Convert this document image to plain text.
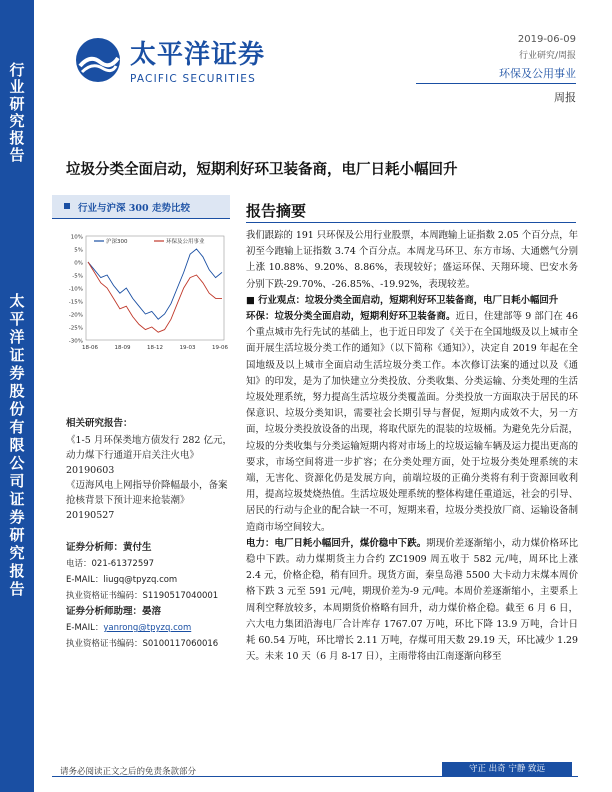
行业研究报告
太平洋证券股份有限公司证券研究报告
太平洋证券
PACIFIC SECURITIES
2019-06-09
行业研究/周报
环保及公用事业
周报
垃圾分类全面启动，短期利好环卫装备商，电厂日耗小幅回升
行业与沪深 300 走势比较
10%
5%
0%
-5%
-10%
-15%
-20%
-25%
-30%
18-06	18-09	18-12	19-03	19-06
沪深300	环保及公用事业
相关研究报告：
《1-5 月环保类地方债发行 282 亿元，动力煤下行通道开启关注火电》
20190603
《迈海风电上网指导价降幅最小，备案抢核背景下预计迎来抢装潮》
20190527
证券分析师：黄付生
电话：021-61372597
E-MAIL：liugq@tpyzq.com
执业资格证书编码：S1190517040001
证券分析师助理：晏溶
E-MAIL：yanrong@tpyzq.com
执业资格证书编码：S0100117060016
报告摘要

我们跟踪的 191 只环保及公用行业股票，本周跑输上证指数 2.05 个百分点，年初至今跑输上证指数 3.74 个百分点。本周龙马环卫、东方市场、大通燃气分别上涨 10.88%、9.20%、8.86%，表现较好；盛运环保、天翔环境、巴安水务分别下跌-29.70%、-26.85%、-19.92%，表现较差。

■ 行业观点：垃圾分类全面启动，短期利好环卫装备商，电厂日耗小幅回升

环保：垃圾分类全面启动，短期利好环卫装备商。近日，住建部等 9 部门在 46 个重点城市先行先试的基础上，也于近日印发了《关于在全国地级及以上城市全面开展生活垃圾分类工作的通知》（以下简称《通知》），决定自 2019 年起在全国地级及以上城市全面启动生活垃圾分类工作。本次修订法案的通过以及《通知》的印发，是为了加快建立分类投放、分类收集、分类运输、分类处理的生活垃圾处理系统，努力提高生活垃圾分类覆盖面。分类投放一方面取决于居民的环保意识、垃圾分类知识，需要社会长期引导与督促，短期内成效不大，另一方面，垃圾分类投放设备的出现，将取代原先的混装的垃圾桶。为避免先分后混，垃圾的分类收集与分类运输短期内将对市场上的垃圾运输车辆及运力提出更高的要求，市场空间将进一步扩容；在分类处理方面，处于垃圾分类处理系统的末端，无害化、资源化仍是发展方向，前端垃圾的正确分类将有利于资源回收利用，提高垃圾焚烧热值。生活垃圾处理系统的整体构建任重道远，社会的引导、居民的行动与企业的配合缺一不可，短期来看，垃圾分类投放厂商、运输设备制造商市场空间较大。

电力：电厂日耗小幅回升，煤价稳中下跌。期现价差逐渐缩小，动力煤价格环比稳中下跌。动力煤期货主力合约 ZC1909 周五收于 582 元/吨，周环比上涨 2.4 元，价格企稳，稍有回升。现货方面，秦皇岛港 5500 大卡动力末煤本周价格下跌 3 元至 591 元/吨，期现价差为-9 元/吨。本周价差逐渐缩小，主要系上周利空释放较多，本周期货价格略有回升，动力煤价格企稳。截至 6 月 6 日，六大电力集团沿海电厂合计库存 1767.07 万吨，环比下降 13.9 万吨，合计日耗 60.54 万吨，环比增长 2.11 万吨，存煤可用天数 29.19 天，环比减少 1.29 天。未来 10 天（6 月 8-17 日），主雨带将由江南逐渐向移至

请务必阅读正文之后的免责条款部分	守正 出奇 宁静 致远
